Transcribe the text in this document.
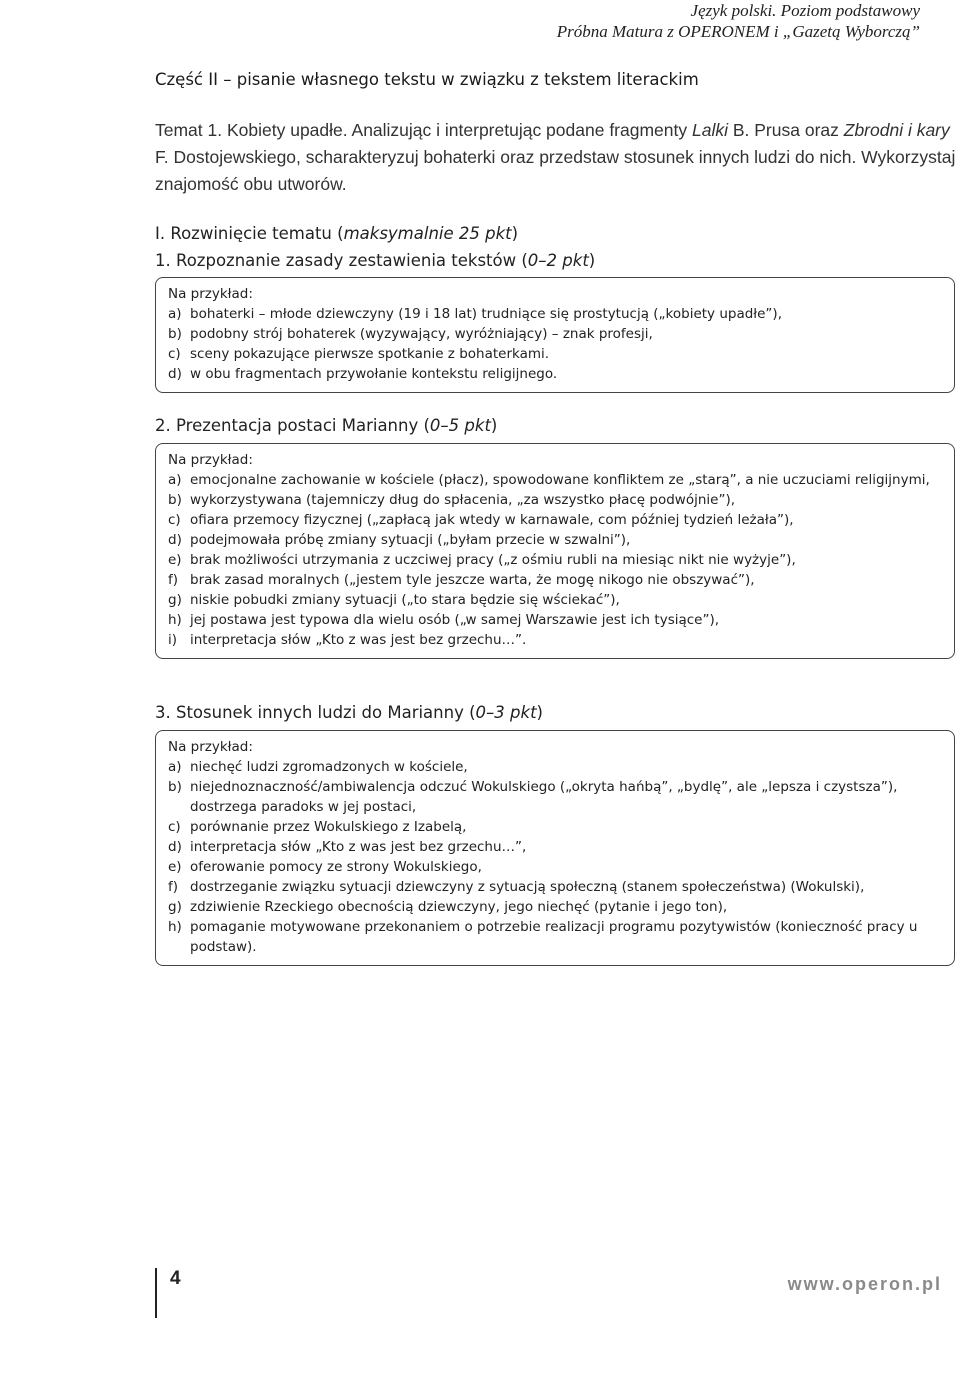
Język polski. Poziom podstawowy
Próbna Matura z OPERONEM i „Gazetą Wyborczą”
Część II – pisanie własnego tekstu w związku z tekstem literackim
Temat 1. Kobiety upadłe. Analizując i interpretując podane fragmenty Lalki B. Prusa oraz Zbrodni i kary F. Dostojewskiego, scharakteryzuj bohaterki oraz przedstaw stosunek innych ludzi do nich. Wykorzystaj znajomość obu utworów.
I. Rozwinięcie tematu (maksymalnie 25 pkt)
1. Rozpoznanie zasady zestawienia tekstów (0–2 pkt)
Na przykład:
a) bohaterki – młode dziewczyny (19 i 18 lat) trudniące się prostytucją („kobiety upadłe”),
b) podobny strój bohaterek (wyzywający, wyróżniający) – znak profesji,
c) sceny pokazujące pierwsze spotkanie z bohaterkami.
d) w obu fragmentach przywołanie kontekstu religijnego.
2. Prezentacja postaci Marianny (0–5 pkt)
Na przykład:
a) emocjonalne zachowanie w kościele (płacz), spowodowane konfliktem ze „starą”, a nie uczuciami religijnymi,
b) wykorzystywana (tajemniczy dług do spłacenia, „za wszystko płacę podwójnie”),
c) ofiara przemocy fizycznej („zapłacą jak wtedy w karnawale, com później tydzień leżała”),
d) podejmowała próbę zmiany sytuacji („byłam przecie w szwalni”),
e) brak możliwości utrzymania z uczciwej pracy („z ośmiu rubli na miesiąc nikt nie wyżyje”),
f) brak zasad moralnych („jestem tyle jeszcze warta, że mogę nikogo nie obszywać”),
g) niskie pobudki zmiany sytuacji („to stara będzie się wściekać”),
h) jej postawa jest typowa dla wielu osób („w samej Warszawie jest ich tysiące”),
i) interpretacja słów „Kto z was jest bez grzechu…”.
3. Stosunek innych ludzi do Marianny (0–3 pkt)
Na przykład:
a) niechęć ludzi zgromadzonych w kościele,
b) niejednoznaczność/ambiwalencja odczuć Wokulskiego („okryta hańbą”, „bydlę”, ale „lepsza i czystsza”), dostrzega paradoks w jej postaci,
c) porównanie przez Wokulskiego z Izabelą,
d) interpretacja słów „Kto z was jest bez grzechu…”,
e) oferowanie pomocy ze strony Wokulskiego,
f) dostrzeganie związku sytuacji dziewczyny z sytuacją społeczną (stanem społeczeństwa) (Wokulski),
g) zdziwienie Rzeckiego obecnością dziewczyny, jego niechęć (pytanie i jego ton),
h) pomaganie motywowane przekonaniem o potrzebie realizacji programu pozytywistów (konieczność pracy u podstaw).
4	www.operon.pl
